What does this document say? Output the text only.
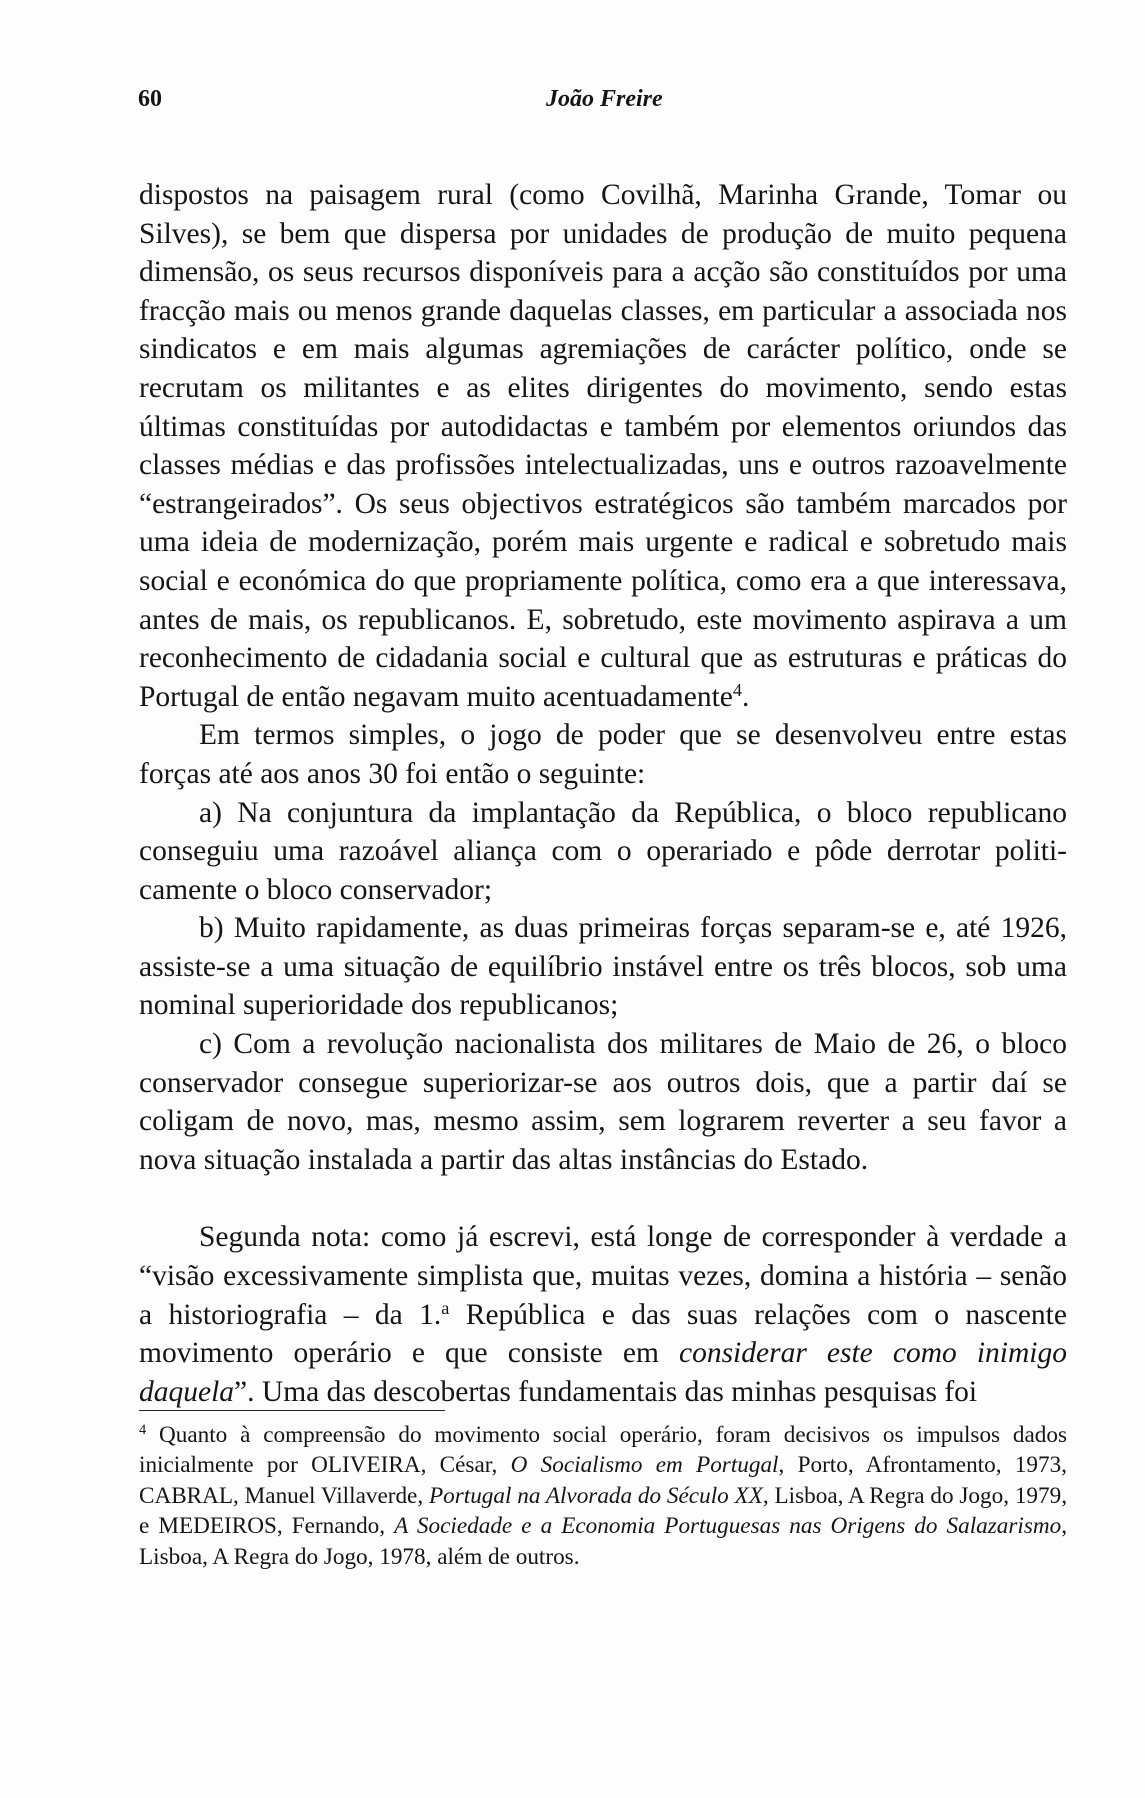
60	João Freire

dispostos na paisagem rural (como Covilhã, Marinha Grande, Tomar ou Silves), se bem que dispersa por unidades de produção de muito pequena dimensão, os seus recursos disponíveis para a acção são constituídos por uma fracção mais ou menos grande daquelas classes, em particular a associada nos sindicatos e em mais algumas agremiações de carácter político, onde se recrutam os militantes e as elites dirigentes do movimento, sendo estas últimas constituídas por autodidactas e também por elementos oriundos das classes médias e das profissões intelectualizadas, uns e outros razoavelmente “estrangeirados”. Os seus objectivos estratégicos são também marcados por uma ideia de modernização, porém mais urgente e radical e sobretudo mais social e económica do que propriamente política, como era a que interessava, antes de mais, os republicanos. E, sobretudo, este movimento aspirava a um reconhecimento de cidadania social e cultural que as estruturas e práticas do Portugal de então negavam muito acentuadamente$^4$.

Em termos simples, o jogo de poder que se desenvolveu entre estas forças até aos anos 30 foi então o seguinte:

a) Na conjuntura da implantação da República, o bloco republicano conseguiu uma razoável aliança com o operariado e pôde derrotar politicamente o bloco conservador;

b) Muito rapidamente, as duas primeiras forças separam-se e, até 1926, assiste-se a uma situação de equilíbrio instável entre os três blocos, sob uma nominal superioridade dos republicanos;

c) Com a revolução nacionalista dos militares de Maio de 26, o bloco conservador consegue superiorizar-se aos outros dois, que a partir daí se coligam de novo, mas, mesmo assim, sem lograrem reverter a seu favor a nova situação instalada a partir das altas instâncias do Estado.

Segunda nota: como já escrevi, está longe de corresponder à verdade a “visão excessivamente simplista que, muitas vezes, domina a história – senão a historiografia – da 1.$^a$ República e das suas relações com o nascente movimento operário e que consiste em considerar este como inimigo daquela”. Uma das descobertas fundamentais das minhas pesquisas foi

$^4$ Quanto à compreensão do movimento social operário, foram decisivos os impulsos dados inicialmente por OLIVEIRA, César, O Socialismo em Portugal, Porto, Afrontamento, 1973, CABRAL, Manuel Villaverde, Portugal na Alvorada do Século XX, Lisboa, A Regra do Jogo, 1979, e MEDEIROS, Fernando, A Sociedade e a Economia Portuguesas nas Origens do Salazarismo, Lisboa, A Regra do Jogo, 1978, além de outros.
